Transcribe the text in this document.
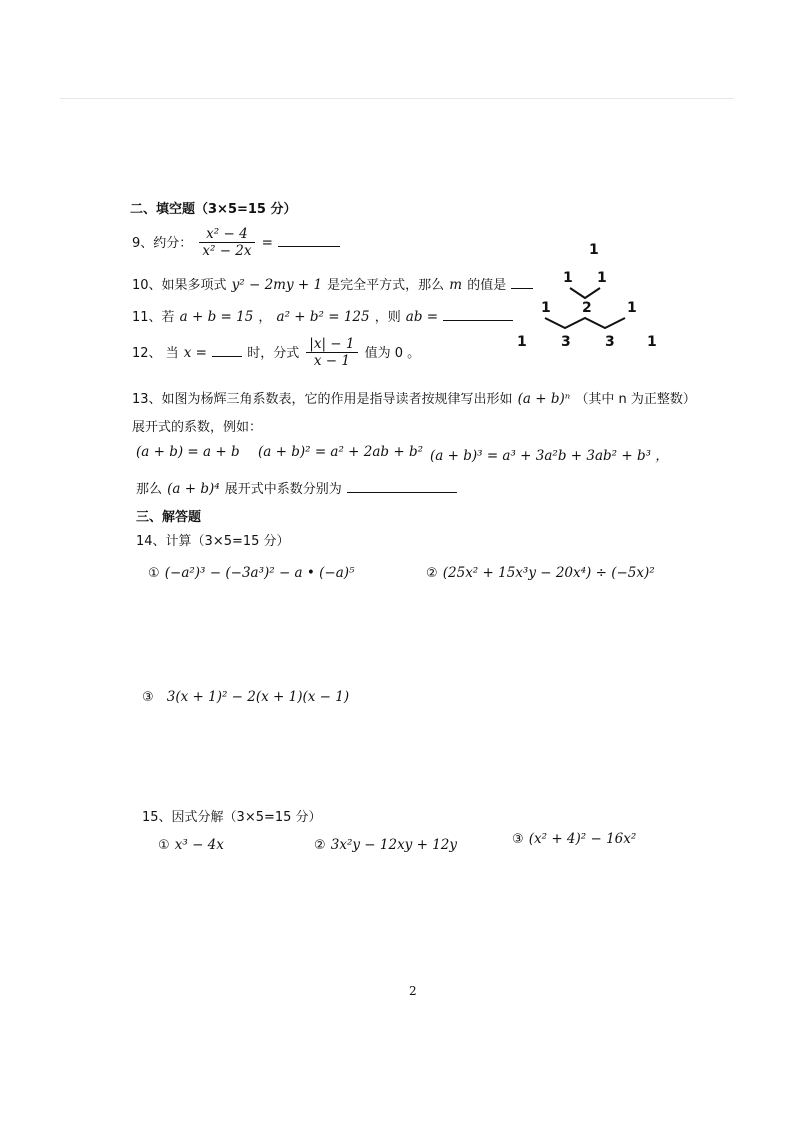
二、填空题（3×5=15 分）
9、约分： $\frac{\text{x² − 4}}{\text{x² − 2x}}$ =
10、如果多项式 y² − 2my + 1 是完全平方式，那么 m 的值是
11、若 a + b = 15 ， a² + b² = 125 ，则 ab =
12、 当 x =	时，分式 $\frac{|x| - 1}{x - 1}$ 值为 0 。
1
1 1
1 2	1
1 3 3 1
13、如图为杨辉三角系数表，它的作用是指导读者按规律写出形如 (a + b)ⁿ （其中 n 为正整数）
展开式的系数，例如：
(a + b) = a + b (a + b)² = a² + 2ab + b² (a + b)³ = a³ + 3a²b + 3ab² + b³ ，
那么 (a + b)⁴ 展开式中系数分别为
三、解答题
14、计算（3×5=15 分）
① (−a²)³ − (−3a³)² − a • (−a)⁵	② (25x² + 15x³y − 20x⁴) ÷ (−5x)²
③ 3(x + 1)² − 2(x + 1)(x − 1)
15、因式分解（3×5=15 分）
① x³ − 4x	② 3x²y − 12xy + 12y	③ (x² + 4)² − 16x²
2
